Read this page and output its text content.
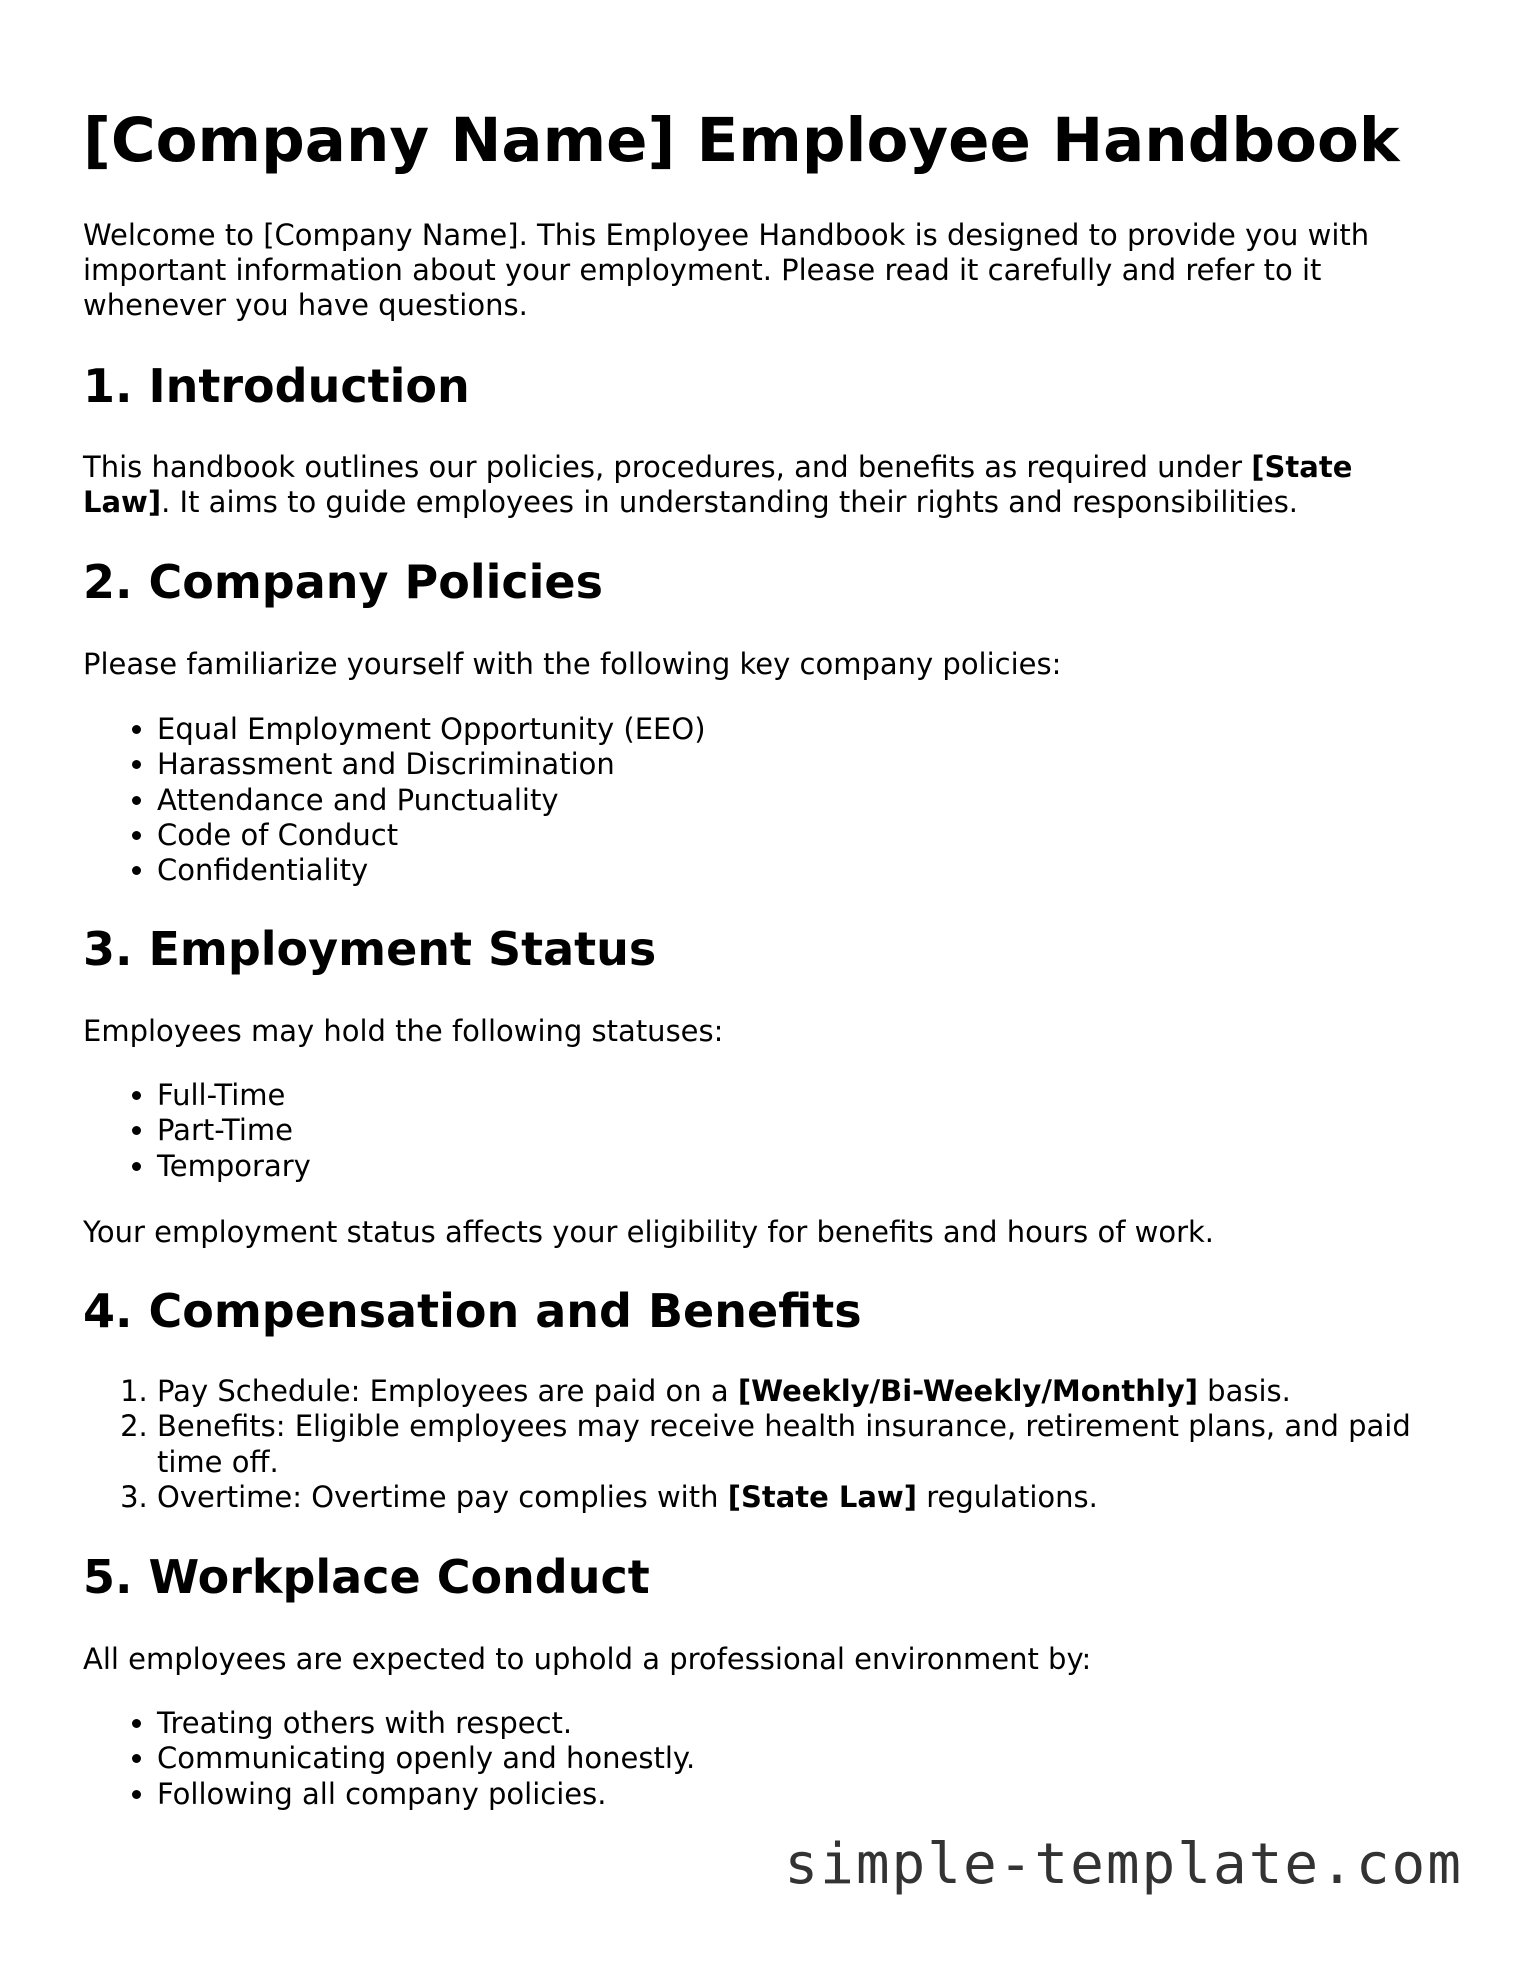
[Company Name] Employee Handbook

Welcome to [Company Name]. This Employee Handbook is designed to provide you with important information about your employment. Please read it carefully and refer to it whenever you have questions.

1. Introduction

This handbook outlines our policies, procedures, and benefits as required under [State Law]. It aims to guide employees in understanding their rights and responsibilities.

2. Company Policies

Please familiarize yourself with the following key company policies:

• Equal Employment Opportunity (EEO)
• Harassment and Discrimination
• Attendance and Punctuality
• Code of Conduct
• Confidentiality
3. Employment Status

Employees may hold the following statuses:

• Full-Time
• Part-Time
• Temporary

Your employment status affects your eligibility for benefits and hours of work.

4. Compensation and Benefits
1. Pay Schedule: Employees are paid on a [Weekly/Bi-Weekly/Monthly] basis.
2. Benefits: Eligible employees may receive health insurance, retirement plans, and paid time off.
3. Overtime: Overtime pay complies with [State Law] regulations.
5. Workplace Conduct

All employees are expected to uphold a professional environment by:

• Treating others with respect.
• Communicating openly and honestly.
• Following all company policies.
simple-template.com
